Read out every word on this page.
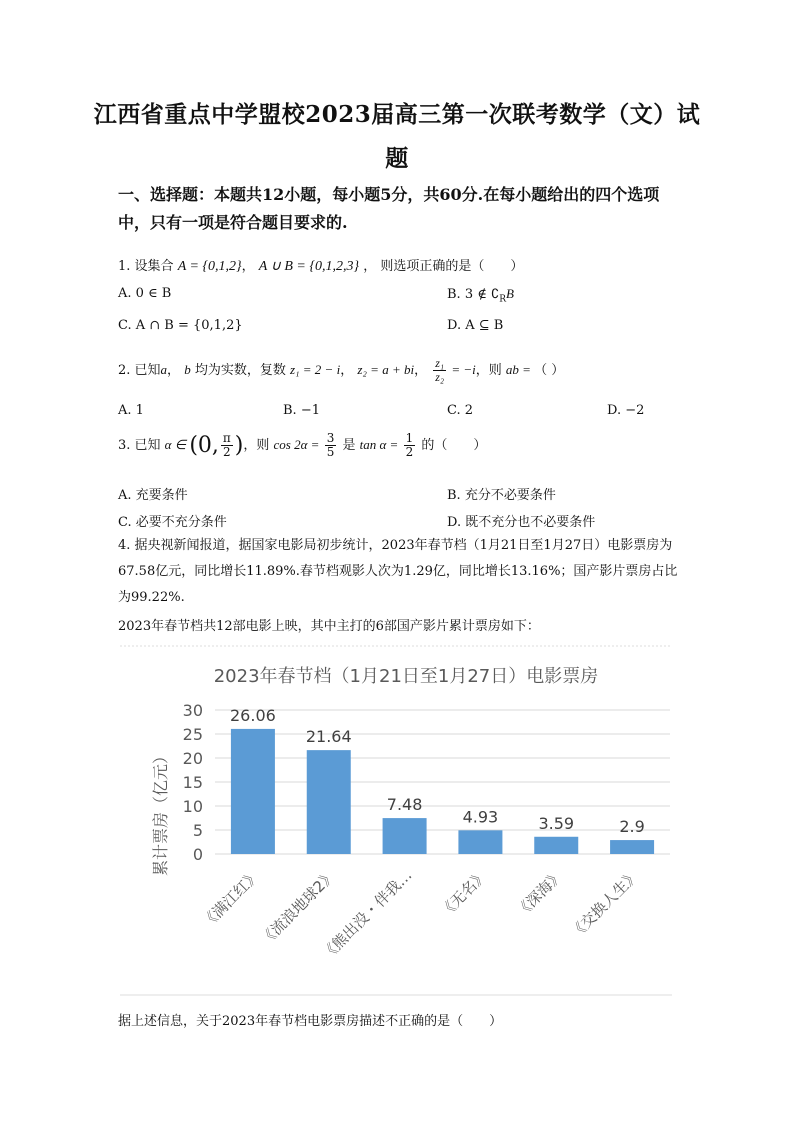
江西省重点中学盟校2023届高三第一次联考数学（文）试
题
一、选择题：本题共12小题，每小题5分，共60分.在每小题给出的四个选项
中，只有一项是符合题目要求的.
1. 设集合 A = {0,1,2}， A ∪ B = {0,1,2,3} ， 则选项正确的是（　　）
A. 0 ∈ B	B. 3 ∉ $∁_RB$
C. A ∩ B = {0,1,2}	D. A ⊆ B
2. 已知a， b 均为实数，复数 z₁ = 2 − i， z₂ = a + bi， $\frac{\text{z₁}}{\text{z₂}} = -i$，则 ab = （ ）
A. 1	B. −1	C. 2	D. −2
3. 已知 α ∈ (0, $\frac{\pi}{2}$ )，则 $\cos 2\alpha = \frac{3}{5}$ 是 $\tan \alpha = \frac{1}{2}$ 的（　　）
A. 充要条件	B. 充分不必要条件
C. 必要不充分条件	D. 既不充分也不必要条件
4. 据央视新闻报道，据国家电影局初步统计，2023年春节档（1月21日至1月27日）电影票房为67.58亿元，同比增长11.89%.春节档观影人次为1.29亿，同比增长13.16%；国产影片票房占比为99.22%.
2023年春节档共12部电影上映，其中主打的6部国产影片累计票房如下：
2023年春节档（1月21日至1月27日）电影票房
累计票房（亿元） 0
5
10
15
20
25
30 26.06
21.64
7.48
4.93	3.59	2.9
《满江红》
《流浪地球2》
《熊出没・伴我… 《无名》 《深海》 《交换人生》
据上述信息，关于2023年春节档电影票房描述不正确的是（　　）
